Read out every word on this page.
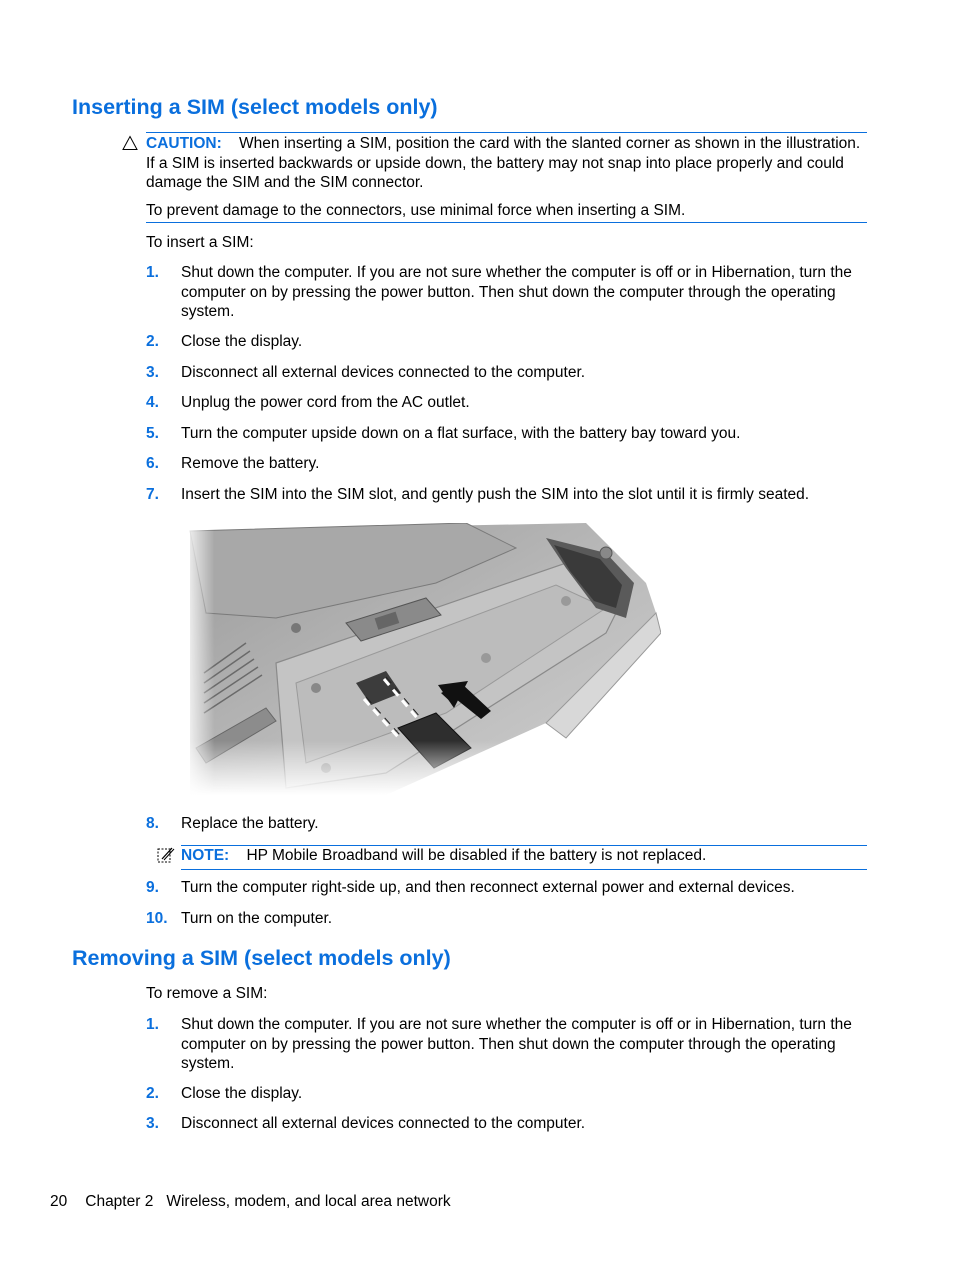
Inserting a SIM (select models only)
CAUTION: When inserting a SIM, position the card with the slanted corner as shown in the illustration. If a SIM is inserted backwards or upside down, the battery may not snap into place properly and could damage the SIM and the SIM connector.
To prevent damage to the connectors, use minimal force when inserting a SIM.

To insert a SIM:

1. Shut down the computer. If you are not sure whether the computer is off or in Hibernation, turn the computer on by pressing the power button. Then shut down the computer through the operating system.
2. Close the display.
3. Disconnect all external devices connected to the computer.
4. Unplug the power cord from the AC outlet.
5. Turn the computer upside down on a flat surface, with the battery bay toward you.
6. Remove the battery.
7. Insert the SIM into the SIM slot, and gently push the SIM into the slot until it is firmly seated.
8. Replace the battery.
NOTE: HP Mobile Broadband will be disabled if the battery is not replaced.
9. Turn the computer right-side up, and then reconnect external power and external devices.
10. Turn on the computer.
Removing a SIM (select models only)

To remove a SIM:

1. Shut down the computer. If you are not sure whether the computer is off or in Hibernation, turn the computer on by pressing the power button. Then shut down the computer through the operating system.
2. Close the display.
3. Disconnect all external devices connected to the computer.
20 Chapter 2 Wireless, modem, and local area network
